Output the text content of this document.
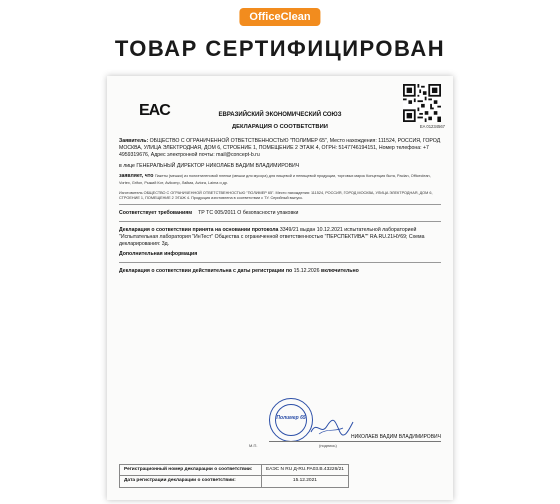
OfficeClean
ТОВАР СЕРТИФИЦИРОВАН
EAC
EA 01234567
ЕВРАЗИЙСКИЙ ЭКОНОМИЧЕСКИЙ СОЮЗ
ДЕКЛАРАЦИЯ О СООТВЕТСТВИИ
Заявитель: ОБЩЕСТВО С ОГРАНИЧЕННОЙ ОТВЕТСТВЕННОСТЬЮ "ПОЛИМЕР 65", Место нахождения: 111524, РОССИЯ, ГОРОД МОСКВА, УЛИЦА ЭЛЕКТРОДНАЯ, ДОМ 6, СТРОЕНИЕ 1, ПОМЕЩЕНИЕ 2 ЭТАЖ 4, ОГРН: 5147746194151, Номер телефона: +7 4959319676, Адрес электронной почты: mail@concept-b.ru
в лице ГЕНЕРАЛЬНЫЙ ДИРЕКТОР НИКОЛАЕВ ВАДИМ ВЛАДИМИРОВИЧ
заявляет, что Пакеты (мешки) из полиэтиленовой пленки (мешки для мусора) для пищевой и непищевой продукции, торговых марок Концепция быта, Paclan, Officeclean, Vortex, Grifon, Рыжий Кот, Avikomp, Лайма, Aviora, Laima и др.
Изготовитель ОБЩЕСТВО С ОГРАНИЧЕННОЙ ОТВЕТСТВЕННОСТЬЮ "ПОЛИМЕР 65". Место нахождения: 111524, РОССИЯ, ГОРОД МОСКВА, УЛИЦА ЭЛЕКТРОДНАЯ, ДОМ 6, СТРОЕНИЕ 1, ПОМЕЩЕНИЕ 2 ЭТАЖ 4. Продукция изготовлена в соответствии с ТУ. Серийный выпуск.
Соответствует требованиям ТР ТС 005/2011 О безопасности упаковки
Декларация о соответствии принята на основании протокола 3349/21 выдан 10.12.2021 испытательной лабораторией "Испытательная лаборатория "ИнТест" Общества с ограниченной ответственностью "ПЕРСПЕКТИВА"" RA.RU.21НУ69; Схема декларирования: 3д.
Дополнительная информация
Декларация о соответствии действительна с даты регистрации по 15.12.2026 включительно
Полимер 65
НИКОЛАЕВ ВАДИМ ВЛАДИМИРОВИЧ
М.П.	(подпись)
Регистрационный номер декларации о соответствии:	ЕАЭС N RU Д-RU.РА03.В.43226/21
Дата регистрации декларации о соответствии:	15.12.2021
